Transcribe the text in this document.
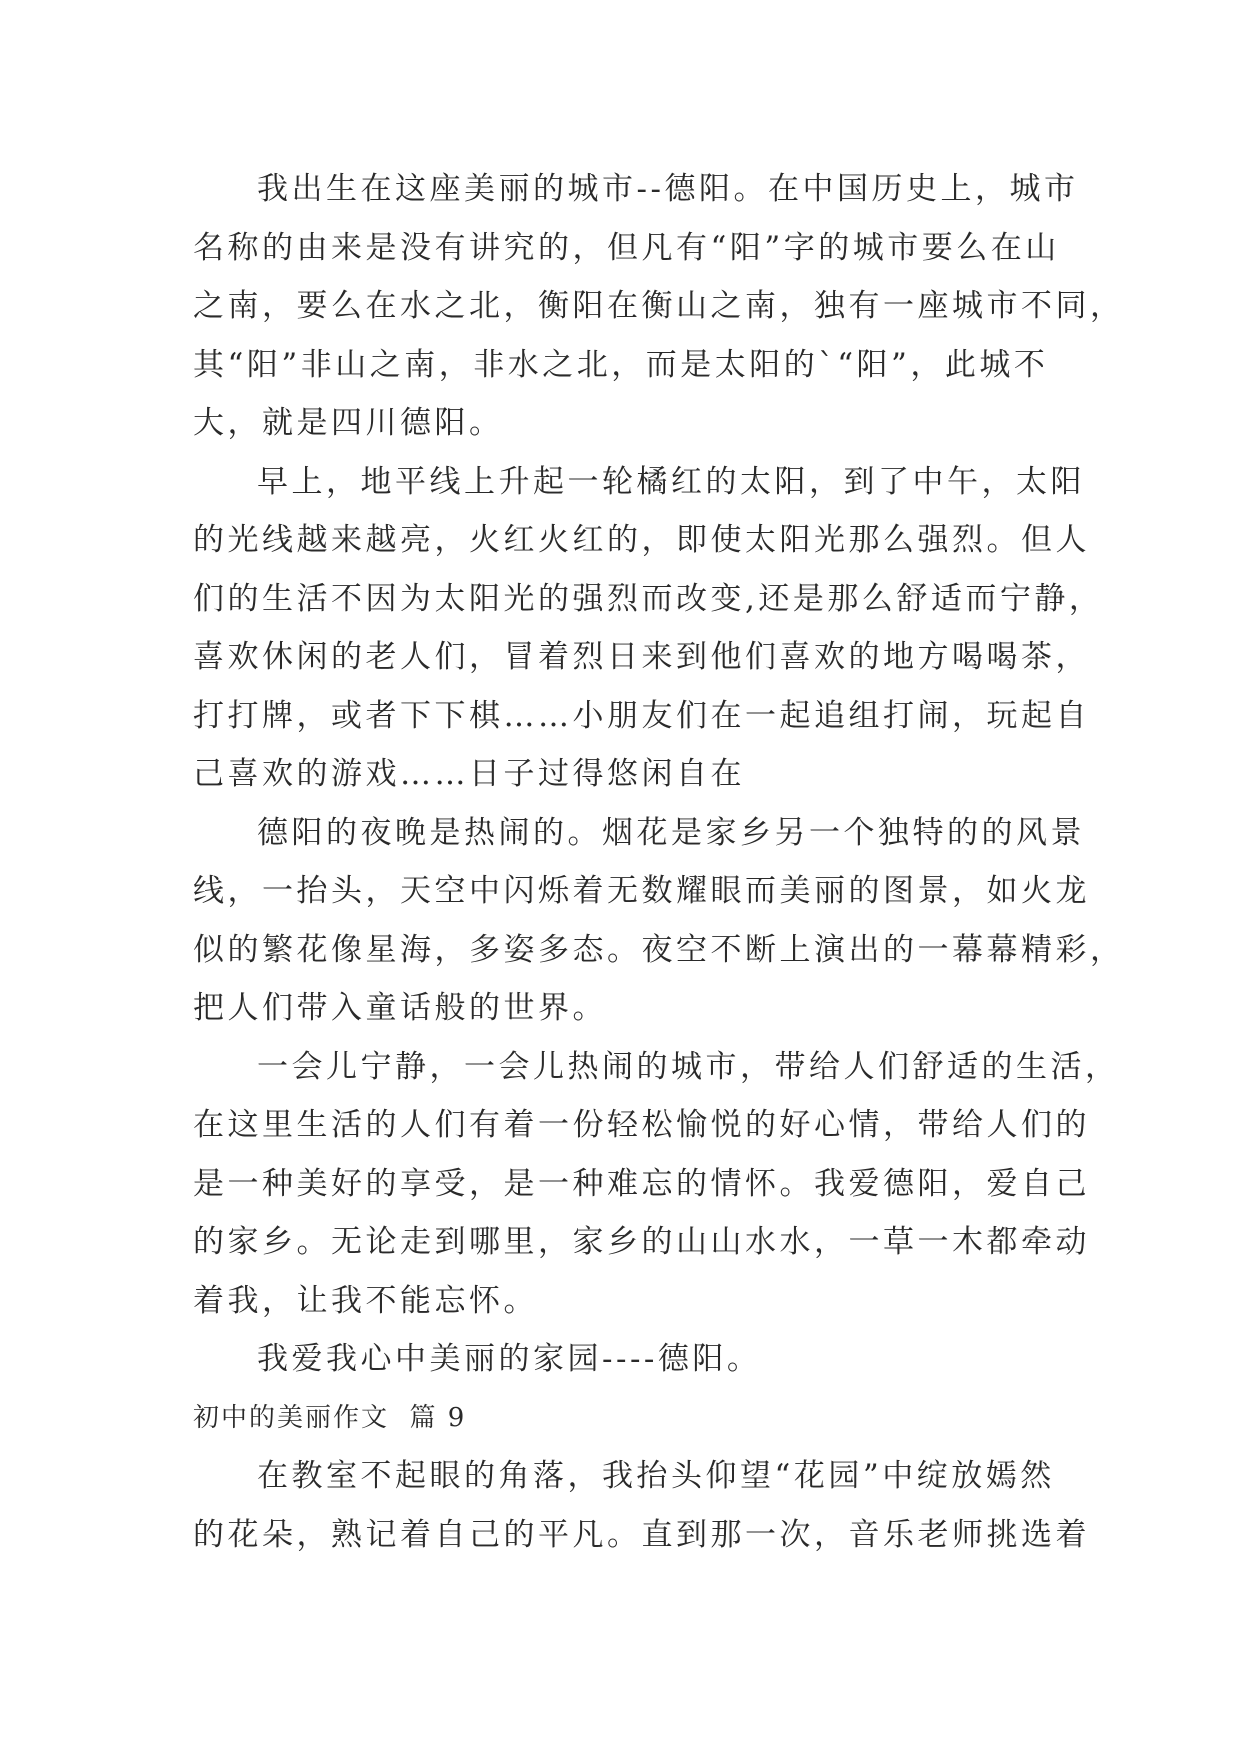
我出生在这座美丽的城市--德阳。在中国历史上，城市
名称的由来是没有讲究的，但凡有“阳”字的城市要么在山
之南，要么在水之北，衡阳在衡山之南，独有一座城市不同，
其“阳”非山之南，非水之北，而是太阳的`“阳”，此城不
大，就是四川德阳。
早上，地平线上升起一轮橘红的太阳，到了中午，太阳
的光线越来越亮，火红火红的，即使太阳光那么强烈。但人
们的生活不因为太阳光的强烈而改变,还是那么舒适而宁静，
喜欢休闲的老人们，冒着烈日来到他们喜欢的地方喝喝茶，
打打牌，或者下下棋……小朋友们在一起追组打闹，玩起自
己喜欢的游戏……日子过得悠闲自在
德阳的夜晚是热闹的。烟花是家乡另一个独特的的风景
线，一抬头，天空中闪烁着无数耀眼而美丽的图景，如火龙
似的繁花像星海，多姿多态。夜空不断上演出的一幕幕精彩，
把人们带入童话般的世界。
一会儿宁静，一会儿热闹的城市，带给人们舒适的生活，
在这里生活的人们有着一份轻松愉悦的好心情，带给人们的
是一种美好的享受，是一种难忘的情怀。我爱德阳，爱自己
的家乡。无论走到哪里，家乡的山山水水，一草一木都牵动
着我，让我不能忘怀。
我爱我心中美丽的家园----德阳。
初中的美丽作文  篇 9
在教室不起眼的角落，我抬头仰望“花园”中绽放嫣然
的花朵，熟记着自己的平凡。直到那一次，音乐老师挑选着
